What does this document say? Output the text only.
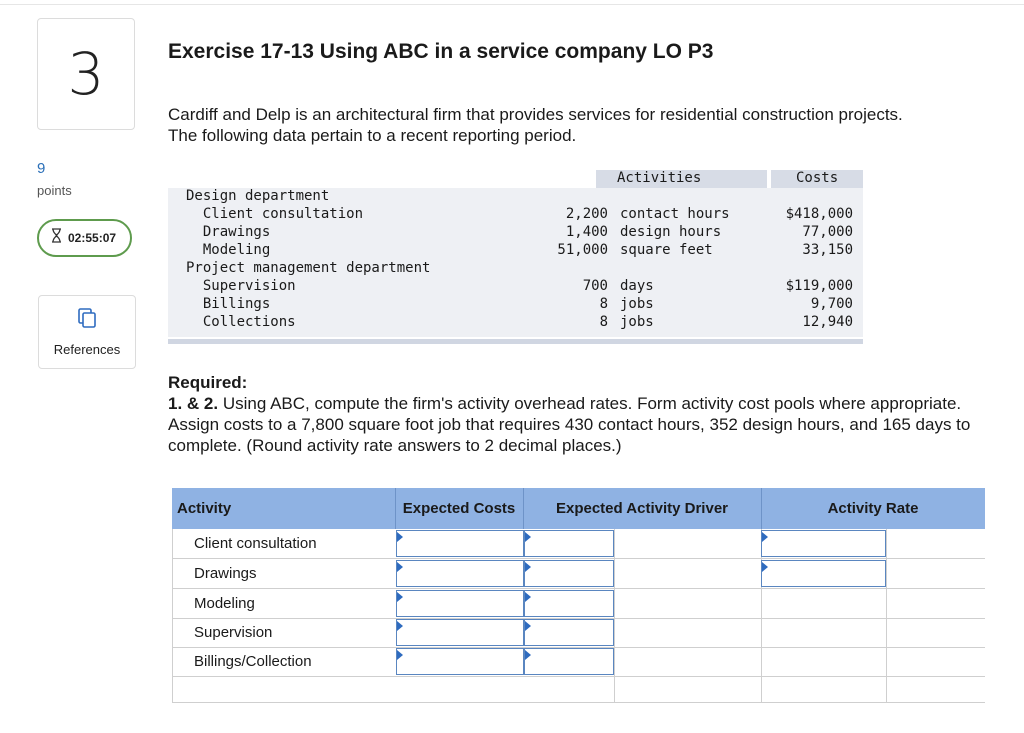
3
9
points
02:55:07
References
Exercise 17-13 Using ABC in a service company LO P3
Cardiff and Delp is an architectural firm that provides services for residential construction projects. The following data pertain to a recent reporting period.
Activities	Costs
Design department
Client consultation	2,200 contact hours	$418,000
Drawings	1,400 design hours	77,000
Modeling	51,000 square feet	33,150
Project management department
Supervision	700 days	$119,000
Billings	8 jobs	9,700
Collections	8 jobs	12,940
Required:
1. & 2. Using ABC, compute the firm's activity overhead rates. Form activity cost pools where appropriate. Assign costs to a 7,800 square foot job that requires 430 contact hours, 352 design hours, and 165 days to complete. (Round activity rate answers to 2 decimal places.)
Activity	Expected Costs	Expected Activity Driver	Activity Rate
Client consultation
Drawings
Modeling
Supervision
Billings/Collection
